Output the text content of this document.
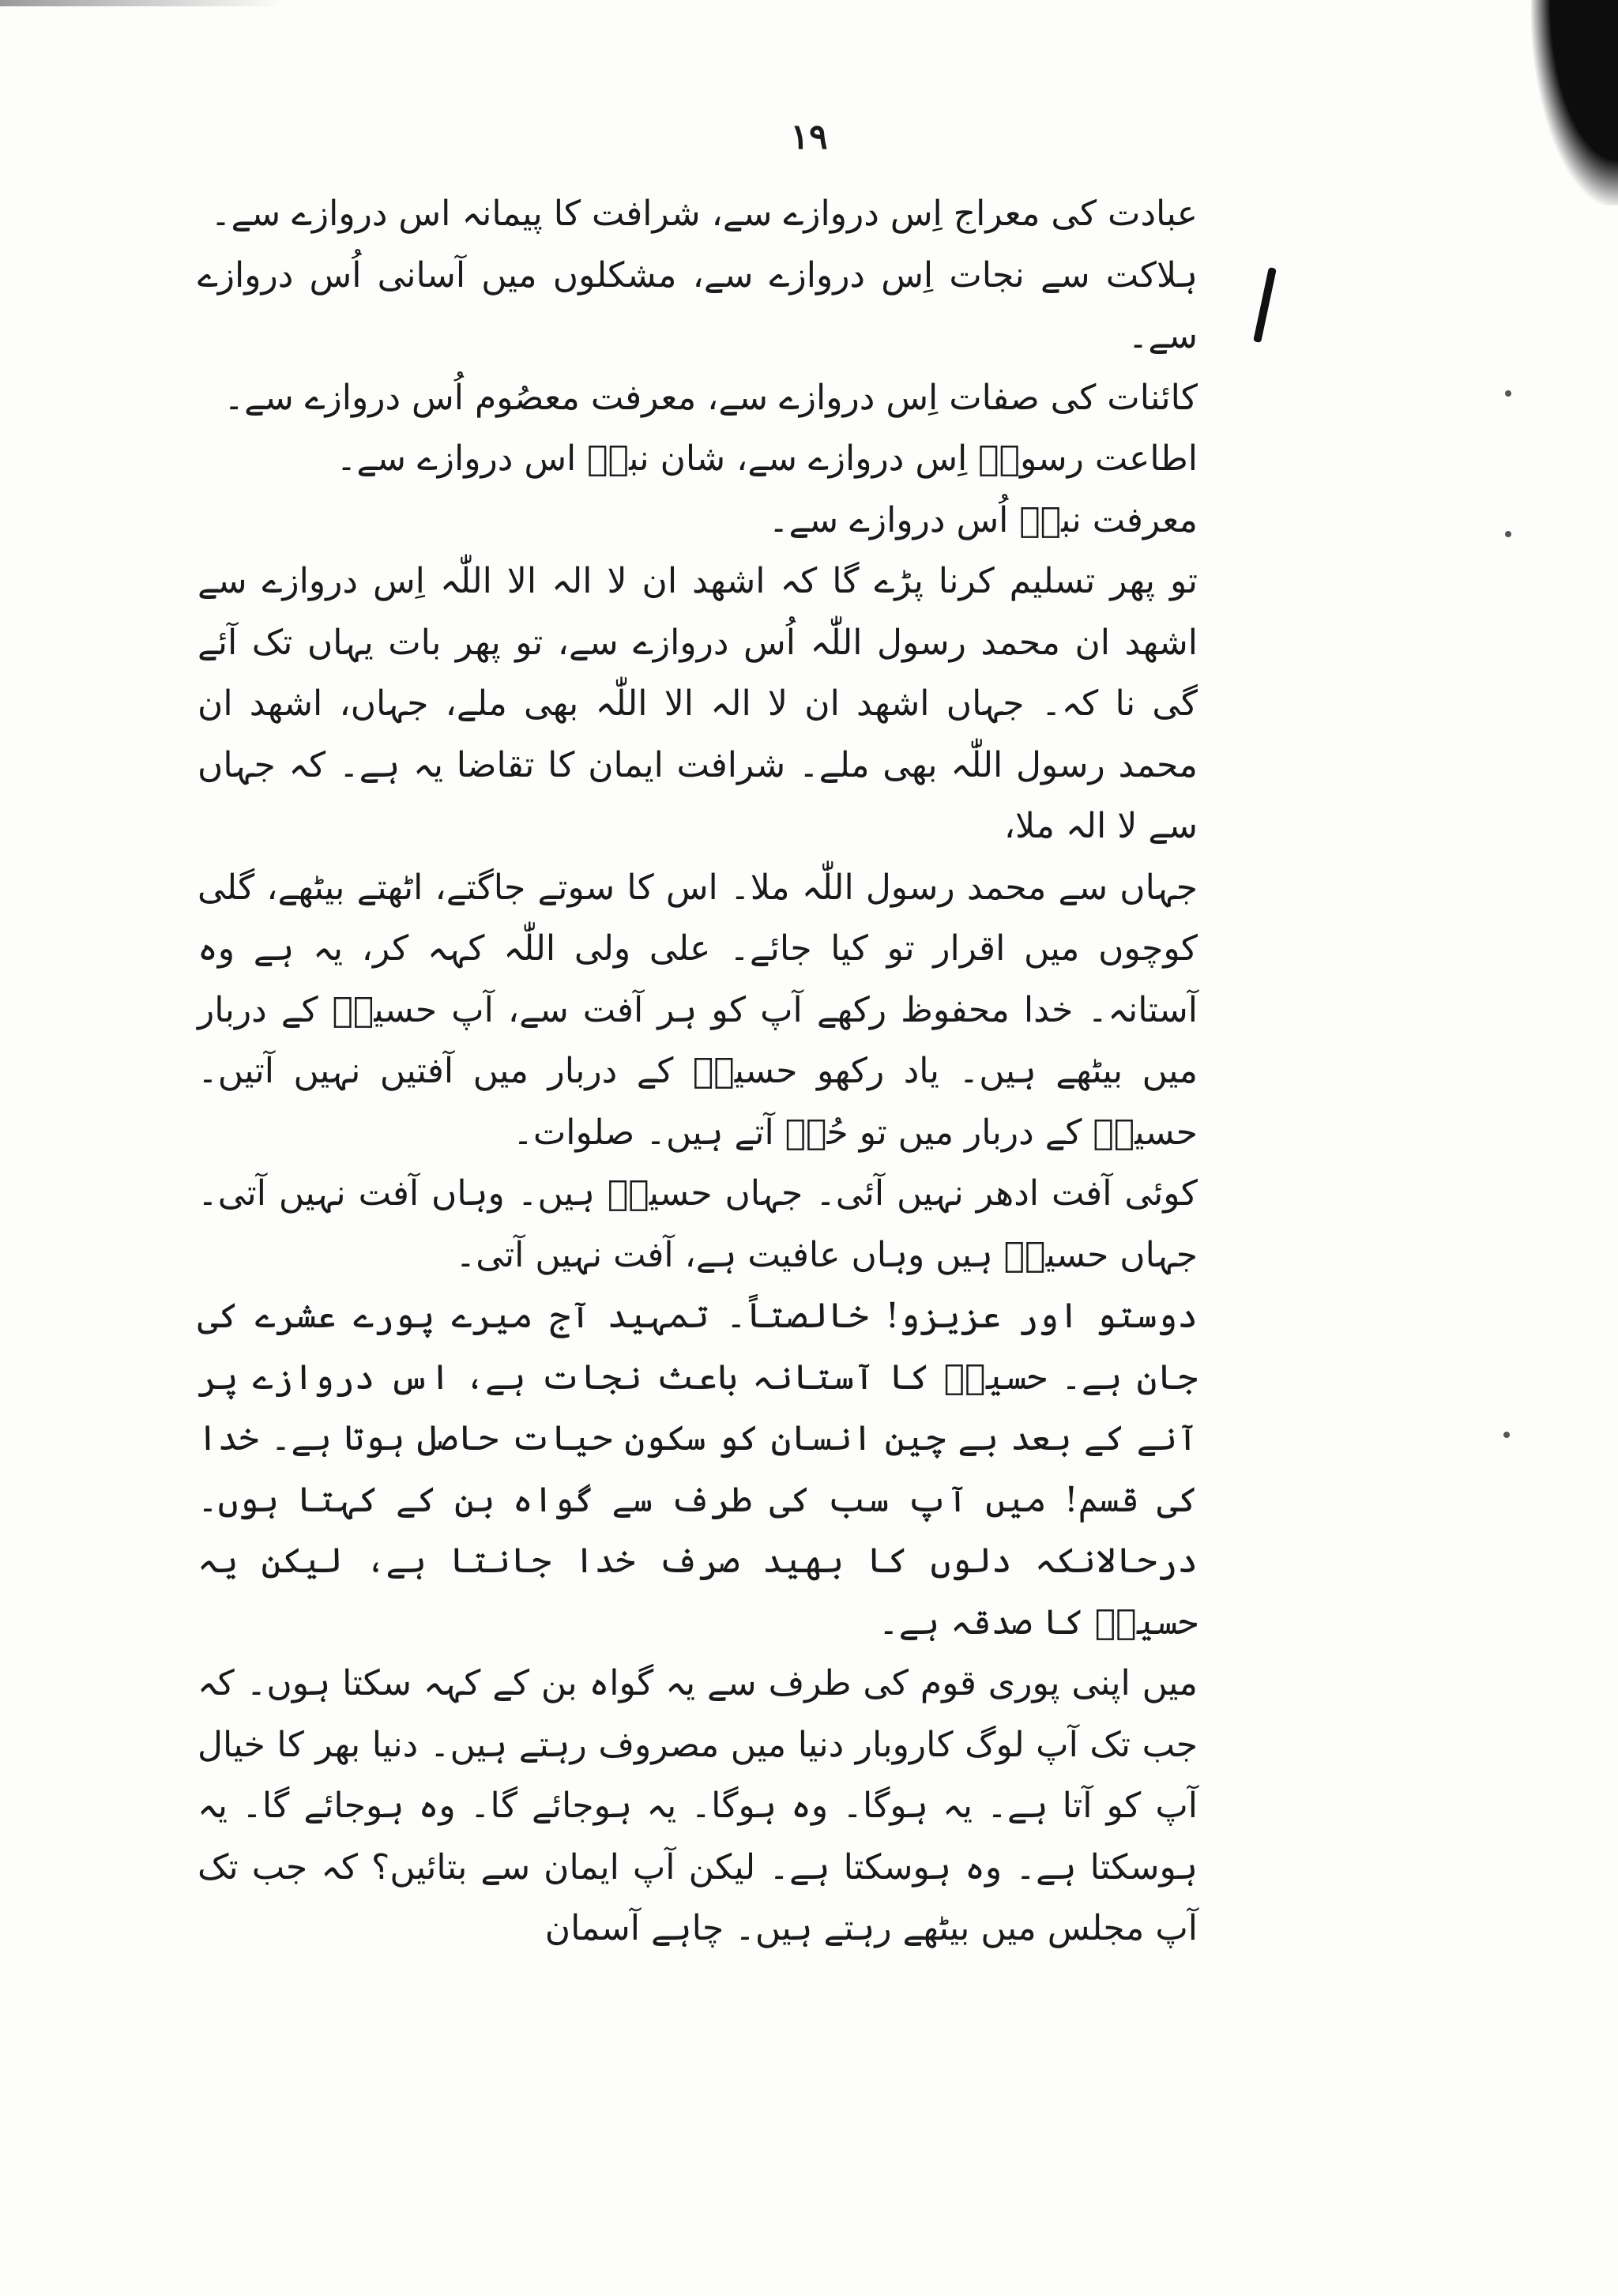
۱۹

عبادت کی معراج اِس دروازے سے، شرافت کا پیمانہ اس دروازے سے۔

ہلاکت سے نجات اِس دروازے سے، مشکلوں میں آسانی اُس دروازے سے۔

کائنات کی صفات اِس دروازے سے، معرفت معصُوم اُس دروازے سے۔

اطاعت رسولؐ اِس دروازے سے، شان نبیؐ اس دروازے سے۔

معرفت نبیؐ اُس دروازے سے۔

تو پھر تسلیم کرنا پڑے گا کہ اشھد ان لا الہ الا اللّٰہ اِس دروازے سے اشھد ان محمد رسول اللّٰہ اُس دروازے سے، تو پھر بات یہاں تک آئے گی نا کہ۔ جہاں اشھد ان لا الہ الا اللّٰہ بھی ملے، جہاں، اشھد ان محمد رسول اللّٰہ بھی ملے۔ شرافت ایمان کا تقاضا یہ ہے۔ کہ جہاں سے لا الہ ملا،

جہاں سے محمد رسول اللّٰہ ملا۔ اس کا سوتے جاگتے، اٹھتے بیٹھے، گلی کوچوں میں اقرار تو کیا جائے۔ علی ولی اللّٰہ کہہ کر، یہ ہے وہ آستانہ۔ خدا محفوظ رکھے آپ کو ہر آفت سے، آپ حسینؑ کے دربار میں بیٹھے ہیں۔ یاد رکھو حسینؑ کے دربار میں آفتیں نہیں آتیں۔ حسینؑ کے دربار میں تو حُرؑ آتے ہیں۔ صلوات۔

کوئی آفت ادھر نہیں آئی۔ جہاں حسینؑ ہیں۔ وہاں آفت نہیں آتی۔ جہاں حسینؑ ہیں وہاں عافیت ہے، آفت نہیں آتی۔

دوستو اور عزیزو! خالصتاً۔ تمہید آج میرے پورے عشرے کی جان ہے۔ حسینؑ کا آستانہ باعث نجات ہے، اس دروازے پر آنے کے بعد بے چین انسان کو سکون حیات حاصل ہوتا ہے۔ خدا کی قسم! میں آپ سب کی طرف سے گواہ بن کے کہتا ہوں۔ درحالانکہ دلوں کا بھید صرف خدا جانتا ہے، لیکن یہ حسینؑ کا صدقہ ہے۔

میں اپنی پوری قوم کی طرف سے یہ گواہ بن کے کہہ سکتا ہوں۔ کہ جب تک آپ لوگ کاروبار دنیا میں مصروف رہتے ہیں۔ دنیا بھر کا خیال آپ کو آتا ہے۔ یہ ہوگا۔ وہ ہوگا۔ یہ ہوجائے گا۔ وہ ہوجائے گا۔ یہ ہوسکتا ہے۔ وہ ہوسکتا ہے۔ لیکن آپ ایمان سے بتائیں؟ کہ جب تک آپ مجلس میں بیٹھے رہتے ہیں۔ چاہے آسمان
